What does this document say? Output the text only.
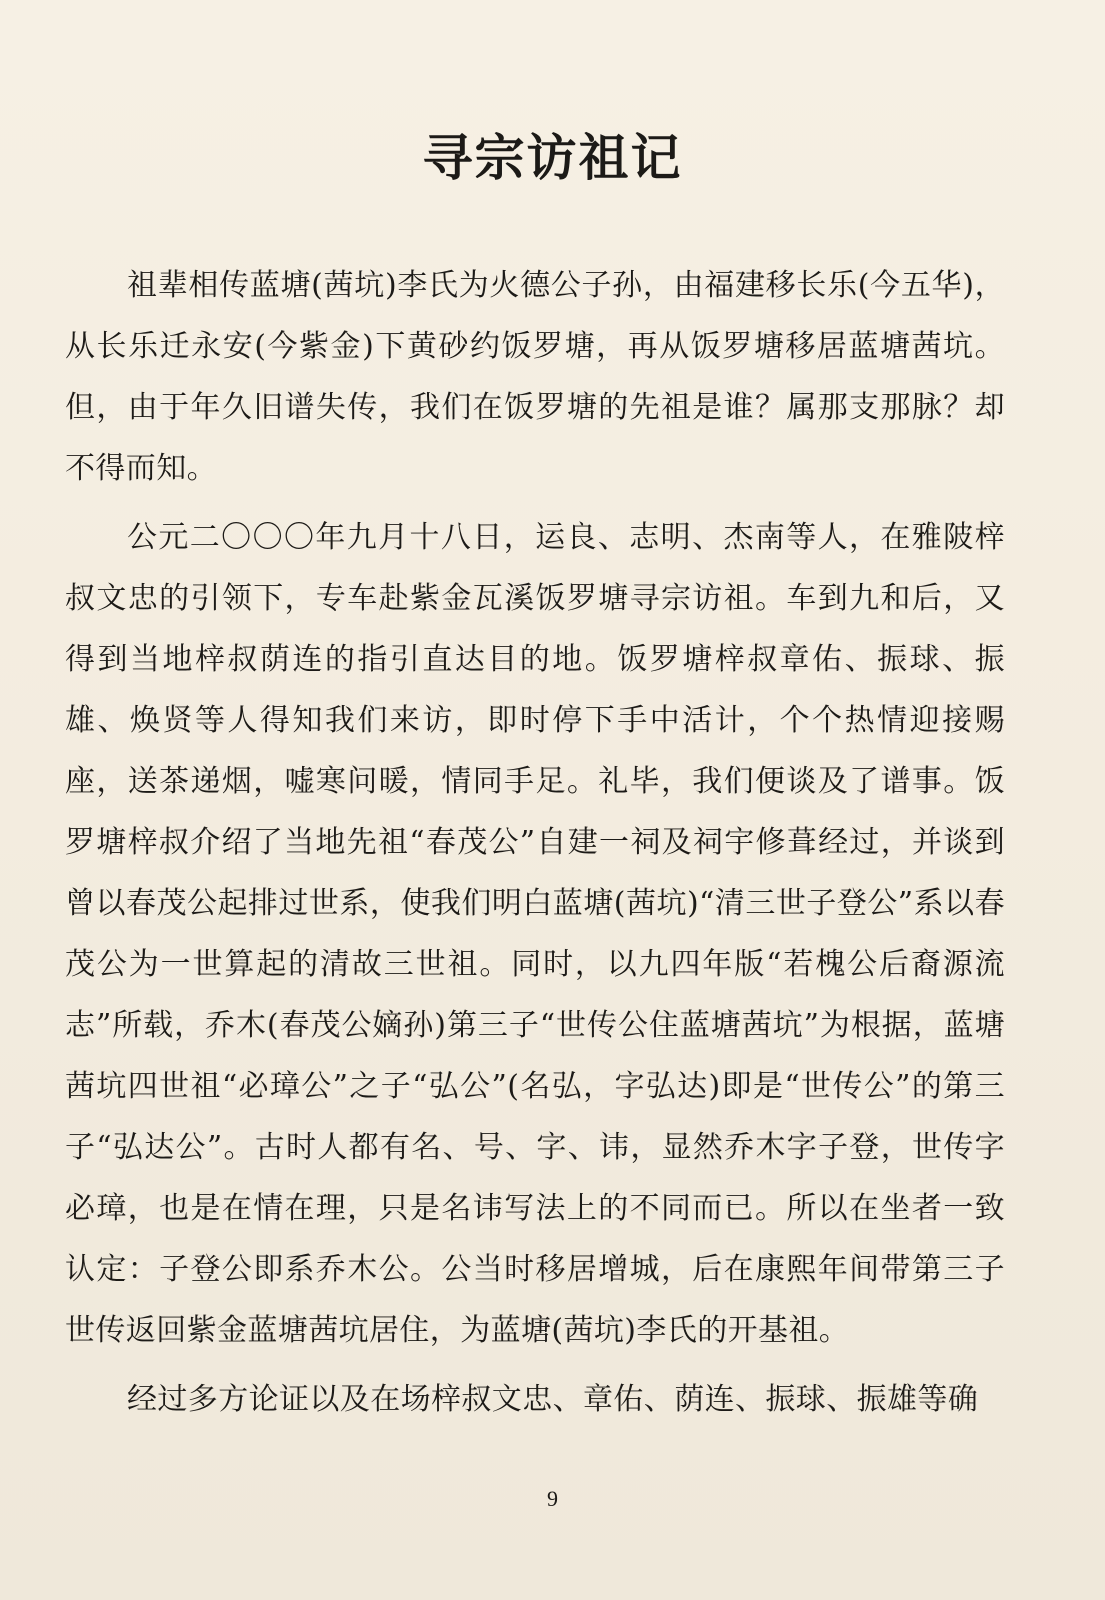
寻宗访祖记

祖辈相传蓝塘(茜坑)李氏为火德公子孙，由福建移长乐(今五华)，从长乐迁永安(今紫金)下黄砂约饭罗塘，再从饭罗塘移居蓝塘茜坑。但，由于年久旧谱失传，我们在饭罗塘的先祖是谁？属那支那脉？却不得而知。

公元二〇〇〇年九月十八日，运良、志明、杰南等人，在雅陂梓叔文忠的引领下，专车赴紫金瓦溪饭罗塘寻宗访祖。车到九和后，又得到当地梓叔荫连的指引直达目的地。饭罗塘梓叔章佑、振球、振雄、焕贤等人得知我们来访，即时停下手中活计，个个热情迎接赐座，送茶递烟，嘘寒问暖，情同手足。礼毕，我们便谈及了谱事。饭罗塘梓叔介绍了当地先祖“春茂公”自建一祠及祠宇修葺经过，并谈到曾以春茂公起排过世系，使我们明白蓝塘(茜坑)“清三世子登公”系以春茂公为一世算起的清故三世祖。同时，以九四年版“若槐公后裔源流志”所载，乔木(春茂公嫡孙)第三子“世传公住蓝塘茜坑”为根据，蓝塘茜坑四世祖“必璋公”之子“弘公”(名弘，字弘达)即是“世传公”的第三子“弘达公”。古时人都有名、号、字、讳，显然乔木字子登，世传字必璋，也是在情在理，只是名讳写法上的不同而已。所以在坐者一致认定：子登公即系乔木公。公当时移居增城，后在康熙年间带第三子世传返回紫金蓝塘茜坑居住，为蓝塘(茜坑)李氏的开基祖。

经过多方论证以及在场梓叔文忠、章佑、荫连、振球、振雄等确

9
